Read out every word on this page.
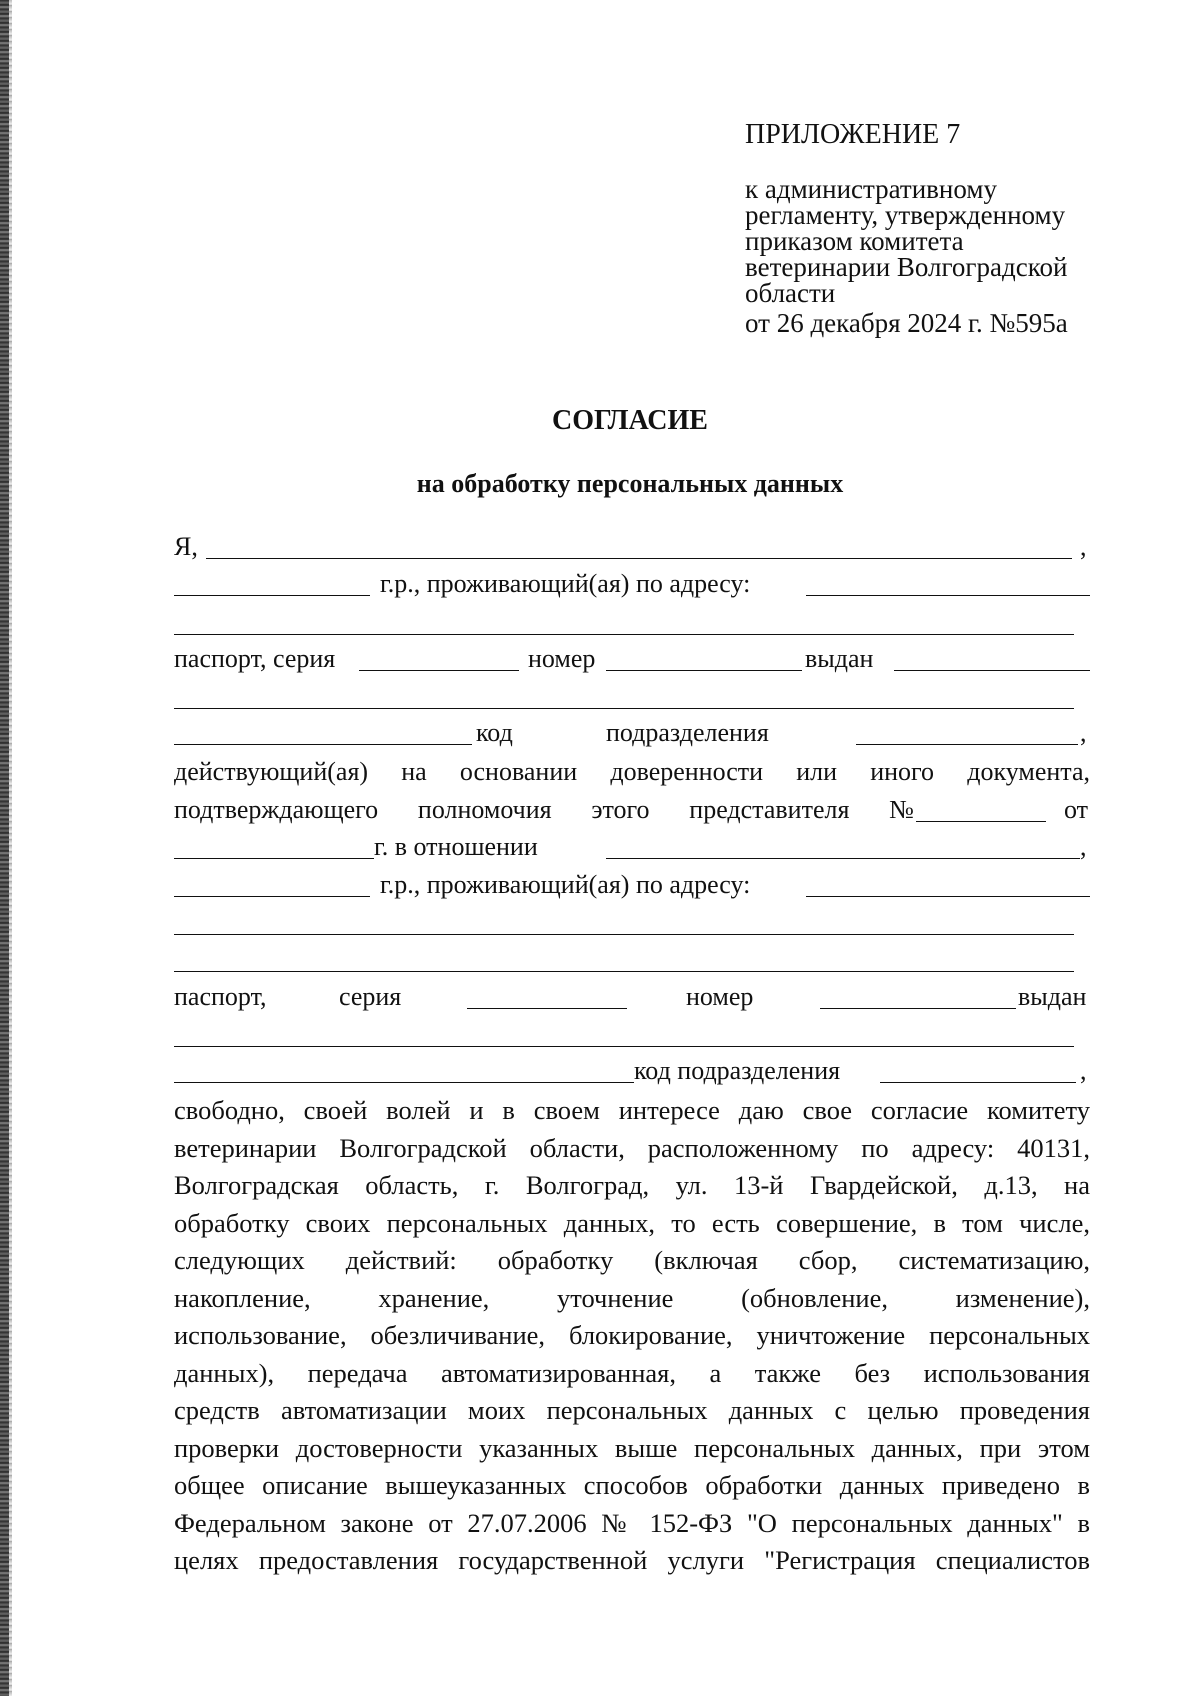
ПРИЛОЖЕНИЕ 7
к административному
регламенту, утвержденному
приказом комитета
ветеринарии Волгоградской
области
от 26 декабря 2024 г. №595а
СОГЛАСИЕ
на обработку персональных данных
Я,	,
г.р., проживающий(ая) по адресу:
паспорт, серия	номер	выдан
код	подразделения	,
действующий(ая) на основании доверенности или иного документа,
подтверждающего полномочия этого представителя №	от
г. в отношении	,
г.р., проживающий(ая) по адресу:
паспорт,	серия	номер	выдан
код подразделения	,
свободно, своей волей и в своем интересе даю свое согласие комитету
ветеринарии Волгоградской области, расположенному по адресу: 40131,
Волгоградская область, г. Волгоград, ул. 13-й Гвардейской, д.13, на
обработку своих персональных данных, то есть совершение, в том числе,
следующих действий: обработку (включая сбор, систематизацию,
накопление, хранение, уточнение (обновление, изменение),
использование, обезличивание, блокирование, уничтожение персональных
данных), передача автоматизированная, а также без использования
средств автоматизации моих персональных данных с целью проведения
проверки достоверности указанных выше персональных данных, при этом
общее описание вышеуказанных способов обработки данных приведено в
Федеральном законе от 27.07.2006 № 152-ФЗ "О персональных данных" в
целях предоставления государственной услуги "Регистрация специалистов
